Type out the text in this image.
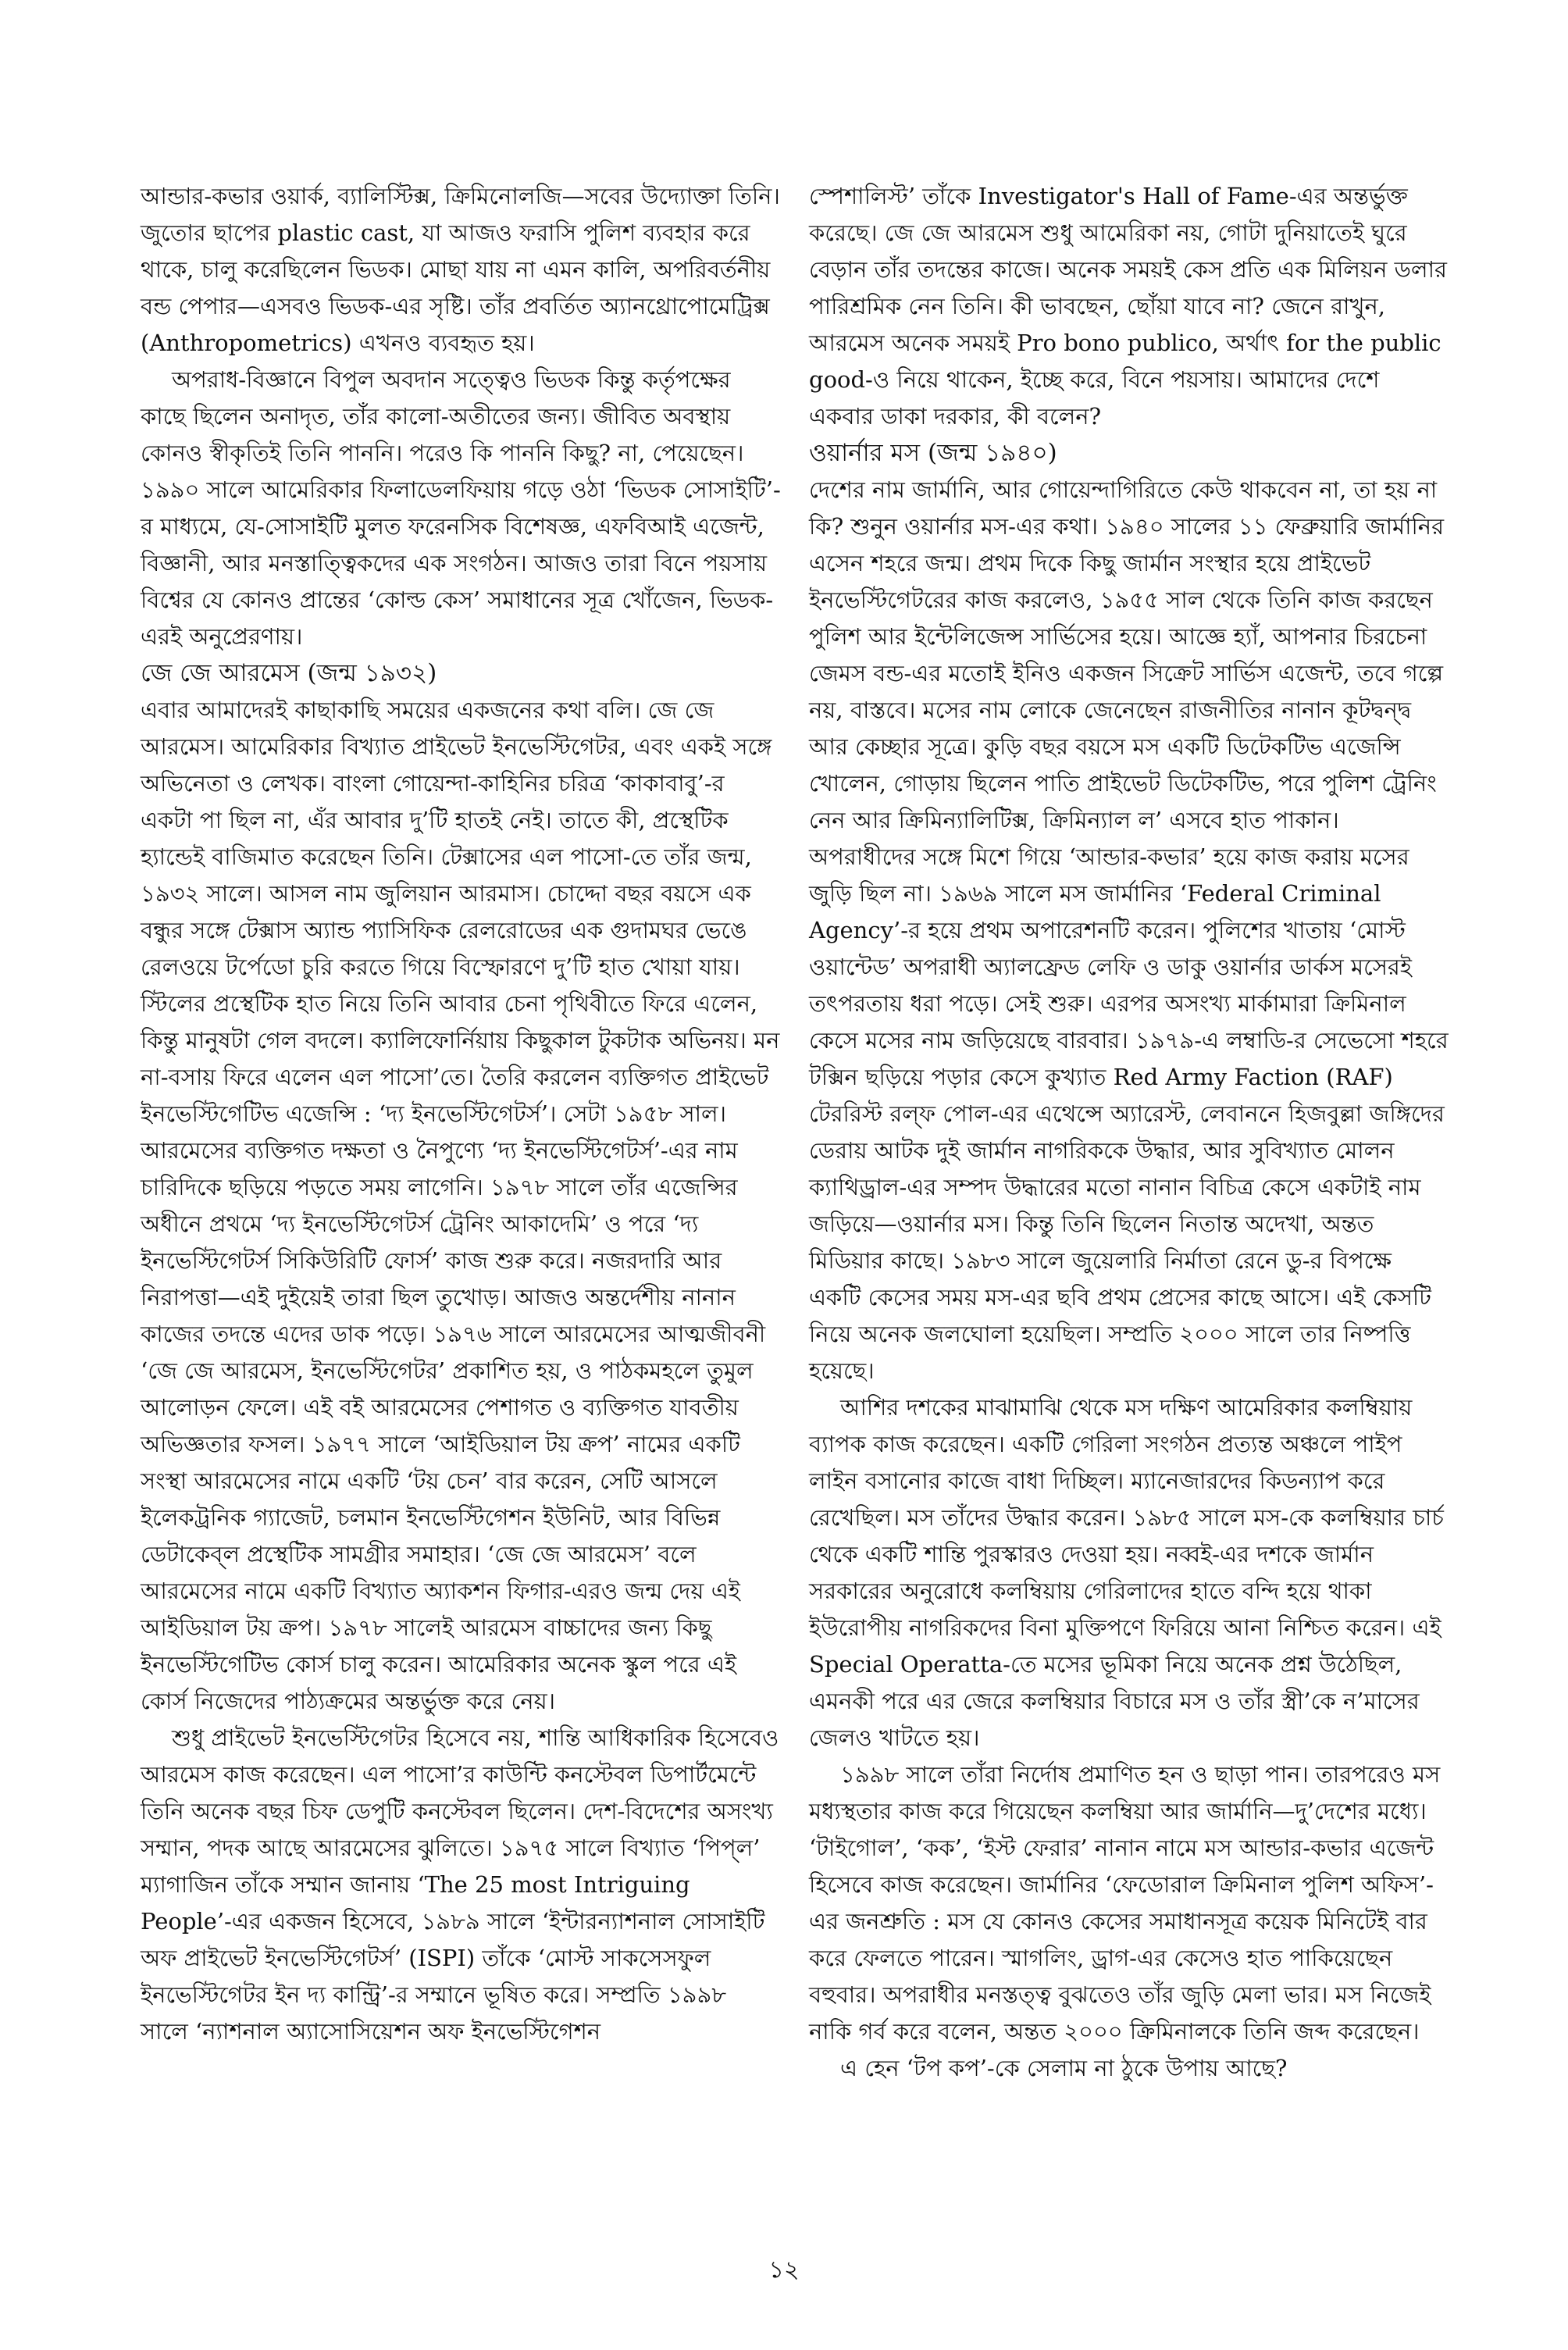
আন্ডার-কভার ওয়ার্ক, ব্যালিস্টিক্স, ক্রিমিনোলজি—সবের উদ্যোক্তা তিনি। জুতোর ছাপের plastic cast, যা আজও ফরাসি পুলিশ ব্যবহার করে থাকে, চালু করেছিলেন ভিডক। মোছা যায় না এমন কালি, অপরিবর্তনীয় বন্ড পেপার—এসবও ভিডক-এর সৃষ্টি। তাঁর প্রবর্তিত অ্যানথ্রোপোমেট্রিক্স (Anthropometrics) এখনও ব্যবহৃত হয়।

অপরাধ-বিজ্ঞানে বিপুল অবদান সত্ত্বেও ভিডক কিন্তু কর্তৃপক্ষের কাছে ছিলেন অনাদৃত, তাঁর কালো-অতীতের জন্য। জীবিত অবস্থায় কোনও স্বীকৃতিই তিনি পাননি। পরেও কি পাননি কিছু? না, পেয়েছেন। ১৯৯০ সালে আমেরিকার ফিলাডেলফিয়ায় গড়ে ওঠা ‘ভিডক সোসাইটি’-র মাধ্যমে, যে-সোসাইটি মুলত ফরেনসিক বিশেষজ্ঞ, এফবিআই এজেন্ট, বিজ্ঞানী, আর মনস্তাত্ত্বিকদের এক সংগঠন। আজও তারা বিনে পয়সায় বিশ্বের যে কোনও প্রান্তের ‘কোল্ড কেস’ সমাধানের সূত্র খোঁজেন, ভিডক-এরই অনুপ্রেরণায়।

জে জে আরমেস (জন্ম ১৯৩২)

এবার আমাদেরই কাছাকাছি সময়ের একজনের কথা বলি। জে জে আরমেস। আমেরিকার বিখ্যাত প্রাইভেট ইনভেস্টিগেটর, এবং একই সঙ্গে অভিনেতা ও লেখক। বাংলা গোয়েন্দা-কাহিনির চরিত্র ‘কাকাবাবু’-র একটা পা ছিল না, এঁর আবার দু’টি হাতই নেই। তাতে কী, প্রস্থেটিক হ্যান্ডেই বাজিমাত করেছেন তিনি। টেক্সাসের এল পাসো-তে তাঁর জন্ম, ১৯৩২ সালে। আসল নাম জুলিয়ান আরমাস। চোদ্দো বছর বয়সে এক বন্ধুর সঙ্গে টেক্সাস অ্যান্ড প্যাসিফিক রেলরোডের এক গুদামঘর ভেঙে রেলওয়ে টর্পেডো চুরি করতে গিয়ে বিস্ফোরণে দু’টি হাত খোয়া যায়। স্টিলের প্রস্থেটিক হাত নিয়ে তিনি আবার চেনা পৃথিবীতে ফিরে এলেন, কিন্তু মানুষটা গেল বদলে। ক্যালিফোর্নিয়ায় কিছুকাল টুকটাক অভিনয়। মন না-বসায় ফিরে এলেন এল পাসো’তে। তৈরি করলেন ব্যক্তিগত প্রাইভেট ইনভেস্টিগেটিভ এজেন্সি : ‘দ্য ইনভেস্টিগেটর্স’। সেটা ১৯৫৮ সাল। আরমেসের ব্যক্তিগত দক্ষতা ও নৈপুণ্যে ‘দ্য ইনভেস্টিগেটর্স’-এর নাম চারিদিকে ছড়িয়ে পড়তে সময় লাগেনি। ১৯৭৮ সালে তাঁর এজেন্সির অধীনে প্রথমে ‘দ্য ইনভেস্টিগেটর্স ট্রেনিং আকাদেমি’ ও পরে ‘দ্য ইনভেস্টিগেটর্স সিকিউরিটি ফোর্স’ কাজ শুরু করে। নজরদারি আর নিরাপত্তা—এই দুইয়েই তারা ছিল তুখোড়। আজও অন্তর্দেশীয় নানান কাজের তদন্তে এদের ডাক পড়ে। ১৯৭৬ সালে আরমেসের আত্মজীবনী ‘জে জে আরমেস, ইনভেস্টিগেটর’ প্রকাশিত হয়, ও পাঠকমহলে তুমুল আলোড়ন ফেলে। এই বই আরমেসের পেশাগত ও ব্যক্তিগত যাবতীয় অভিজ্ঞতার ফসল। ১৯৭৭ সালে ‘আইডিয়াল টয় ক্রপ’ নামের একটি সংস্থা আরমেসের নামে একটি ‘টয় চেন’ বার করেন, সেটি আসলে ইলেকট্রনিক গ্যাজেট, চলমান ইনভেস্টিগেশন ইউনিট, আর বিভিন্ন ডেটাকেব্‌ল প্রস্থেটিক সামগ্রীর সমাহার। ‘জে জে আরমেস’ বলে আরমেসের নামে একটি বিখ্যাত অ্যাকশন ফিগার-এরও জন্ম দেয় এই আইডিয়াল টয় ক্রপ। ১৯৭৮ সালেই আরমেস বাচ্চাদের জন্য কিছু ইনভেস্টিগেটিভ কোর্স চালু করেন। আমেরিকার অনেক স্কুল পরে এই কোর্স নিজেদের পাঠ্যক্রমের অন্তর্ভুক্ত করে নেয়।

শুধু প্রাইভেট ইনভেস্টিগেটর হিসেবে নয়, শান্তি আধিকারিক হিসেবেও আরমেস কাজ করেছেন। এল পাসো’র কাউন্টি কনস্টেবল ডিপার্টমেন্টে তিনি অনেক বছর চিফ ডেপুটি কনস্টেবল ছিলেন। দেশ-বিদেশের অসংখ্য সম্মান, পদক আছে আরমেসের ঝুলিতে। ১৯৭৫ সালে বিখ্যাত ‘পিপ্‌ল’ ম্যাগাজিন তাঁকে সম্মান জানায় ‘The 25 most Intriguing People’-এর একজন হিসেবে, ১৯৮৯ সালে ‘ইন্টারন্যাশনাল সোসাইটি অফ প্রাইভেট ইনভেস্টিগেটর্স’ (ISPI) তাঁকে ‘মোস্ট সাকসেসফুল ইনভেস্টিগেটর ইন দ্য কান্ট্রি’-র সম্মানে ভূষিত করে। সম্প্রতি ১৯৯৮ সালে ‘ন্যাশনাল অ্যাসোসিয়েশন অফ ইনভেস্টিগেশন

স্পেশালিস্ট’ তাঁকে Investigator's Hall of Fame-এর অন্তর্ভুক্ত করেছে। জে জে আরমেস শুধু আমেরিকা নয়, গোটা দুনিয়াতেই ঘুরে বেড়ান তাঁর তদন্তের কাজে। অনেক সময়ই কেস প্রতি এক মিলিয়ন ডলার পারিশ্রমিক নেন তিনি। কী ভাবছেন, ছোঁয়া যাবে না? জেনে রাখুন, আরমেস অনেক সময়ই Pro bono publico, অর্থাৎ for the public good-ও নিয়ে থাকেন, ইচ্ছে করে, বিনে পয়সায়। আমাদের দেশে একবার ডাকা দরকার, কী বলেন?

ওয়ার্নার মস (জন্ম ১৯৪০)

দেশের নাম জার্মানি, আর গোয়েন্দাগিরিতে কেউ থাকবেন না, তা হয় না কি? শুনুন ওয়ার্নার মস-এর কথা। ১৯৪০ সালের ১১ ফেব্রুয়ারি জার্মানির এসেন শহরে জন্ম। প্রথম দিকে কিছু জার্মান সংস্থার হয়ে প্রাইভেট ইনভেস্টিগেটরের কাজ করলেও, ১৯৫৫ সাল থেকে তিনি কাজ করছেন পুলিশ আর ইন্টেলিজেন্স সার্ভিসের হয়ে। আজ্ঞে হ্যাঁ, আপনার চিরচেনা জেমস বন্ড-এর মতোই ইনিও একজন সিক্রেট সার্ভিস এজেন্ট, তবে গল্পে নয়, বাস্তবে। মসের নাম লোকে জেনেছেন রাজনীতির নানান কূটদ্বন্দ্ব আর কেচ্ছার সূত্রে। কুড়ি বছর বয়সে মস একটি ডিটেকটিভ এজেন্সি খোলেন, গোড়ায় ছিলেন পাতি প্রাইভেট ডিটেকটিভ, পরে পুলিশ ট্রেনিং নেন আর ক্রিমিন্যালিটিক্স, ক্রিমিন্যাল ল’ এসবে হাত পাকান। অপরাধীদের সঙ্গে মিশে গিয়ে ‘আন্ডার-কভার’ হয়ে কাজ করায় মসের জুড়ি ছিল না। ১৯৬৯ সালে মস জার্মানির ‘Federal Criminal Agency’-র হয়ে প্রথম অপারেশনটি করেন। পুলিশের খাতায় ‘মোস্ট ওয়ান্টেড’ অপরাধী অ্যালফ্রেড লেফি ও ডাকু ওয়ার্নার ডার্কস মসেরই তৎপরতায় ধরা পড়ে। সেই শুরু। এরপর অসংখ্য মার্কামারা ক্রিমিনাল কেসে মসের নাম জড়িয়েছে বারবার। ১৯৭৯-এ লম্বাডি-র সেভেসো শহরে টক্সিন ছড়িয়ে পড়ার কেসে কুখ্যাত Red Army Faction (RAF) টেররিস্ট রল্‌ফ পোল-এর এথেন্সে অ্যারেস্ট, লেবাননে হিজবুল্লা জঙ্গিদের ডেরায় আটক দুই জার্মান নাগরিককে উদ্ধার, আর সুবিখ্যাত মোলন ক্যাথিড্রাল-এর সম্পদ উদ্ধারের মতো নানান বিচিত্র কেসে একটাই নাম জড়িয়ে—ওয়ার্নার মস। কিন্তু তিনি ছিলেন নিতান্ত অদেখা, অন্তত মিডিয়ার কাছে। ১৯৮৩ সালে জুয়েলারি নির্মাতা রেনে ডু-র বিপক্ষে একটি কেসের সময় মস-এর ছবি প্রথম প্রেসের কাছে আসে। এই কেসটি নিয়ে অনেক জলঘোলা হয়েছিল। সম্প্রতি ২০০০ সালে তার নিষ্পত্তি হয়েছে।

আশির দশকের মাঝামাঝি থেকে মস দক্ষিণ আমেরিকার কলম্বিয়ায় ব্যাপক কাজ করেছেন। একটি গেরিলা সংগঠন প্রত্যন্ত অঞ্চলে পাইপ লাইন বসানোর কাজে বাধা দিচ্ছিল। ম্যানেজারদের কিডন্যাপ করে রেখেছিল। মস তাঁদের উদ্ধার করেন। ১৯৮৫ সালে মস-কে কলম্বিয়ার চার্চ থেকে একটি শান্তি পুরস্কারও দেওয়া হয়। নব্বই-এর দশকে জার্মান সরকারের অনুরোধে কলম্বিয়ায় গেরিলাদের হাতে বন্দি হয়ে থাকা ইউরোপীয় নাগরিকদের বিনা মুক্তিপণে ফিরিয়ে আনা নিশ্চিত করেন। এই Special Operatta-তে মসের ভূমিকা নিয়ে অনেক প্রশ্ন উঠেছিল, এমনকী পরে এর জেরে কলম্বিয়ার বিচারে মস ও তাঁর স্ত্রী’কে ন’মাসের জেলও খাটতে হয়।

১৯৯৮ সালে তাঁরা নির্দোষ প্রমাণিত হন ও ছাড়া পান। তারপরেও মস মধ্যস্থতার কাজ করে গিয়েছেন কলম্বিয়া আর জার্মানি—দু’দেশের মধ্যে। ‘টাইগোল’, ‘কক’, ‘ইস্ট ফেরার’ নানান নামে মস আন্ডার-কভার এজেন্ট হিসেবে কাজ করেছেন। জার্মানির ‘ফেডোরাল ক্রিমিনাল পুলিশ অফিস’-এর জনশ্রুতি : মস যে কোনও কেসের সমাধানসূত্র কয়েক মিনিটেই বার করে ফেলতে পারেন। স্মাগলিং, ড্রাগ-এর কেসেও হাত পাকিয়েছেন বহুবার। অপরাধীর মনস্তত্ত্ব বুঝতেও তাঁর জুড়ি মেলা ভার। মস নিজেই নাকি গর্ব করে বলেন, অন্তত ২০০০ ক্রিমিনালকে তিনি জব্দ করেছেন।

এ হেন ‘টপ কপ’-কে সেলাম না ঠুকে উপায় আছে?

১২
